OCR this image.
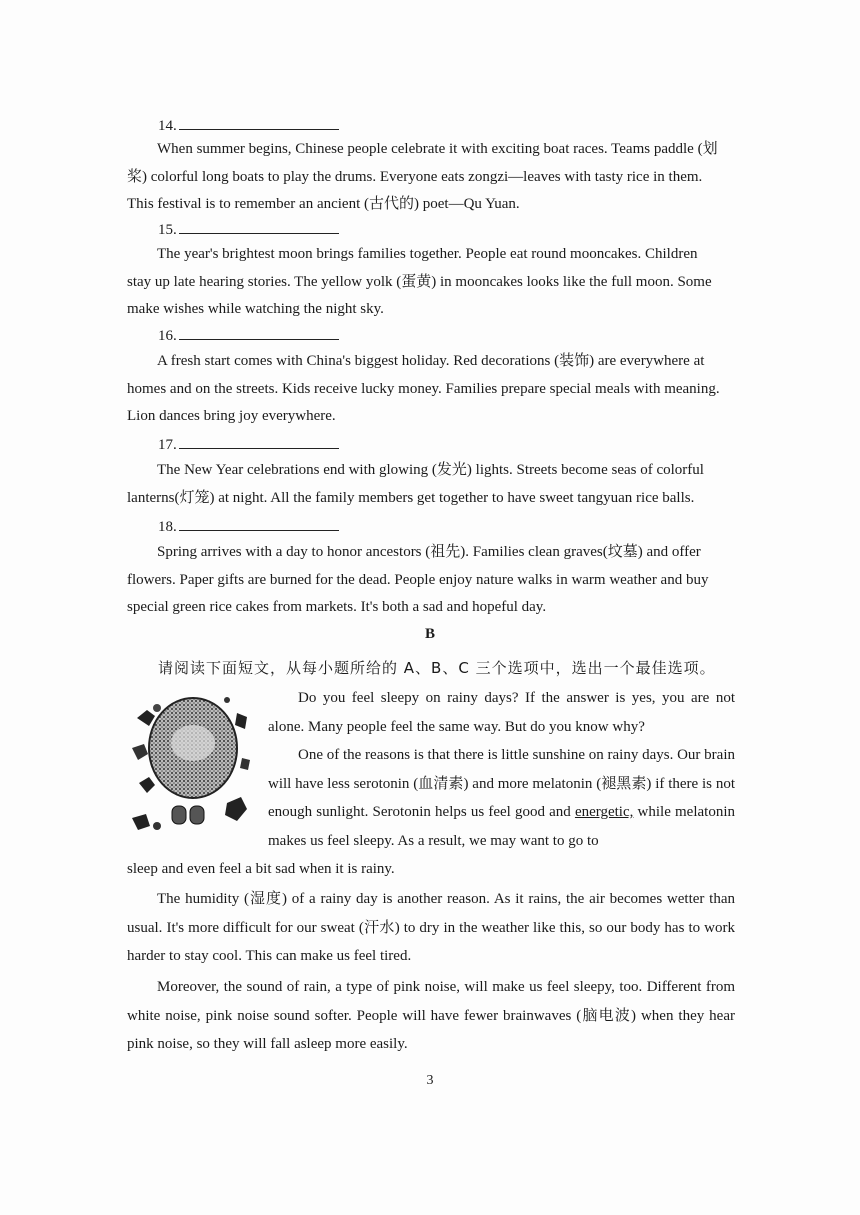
14.

When summer begins, Chinese people celebrate it with exciting boat races. Teams paddle (划
桨) colorful long boats to play the drums. Everyone eats zongzi—leaves with tasty rice in them.
This festival is to remember an ancient (古代的) poet—Qu Yuan.

15.

The year's brightest moon brings families together. People eat round mooncakes. Children
stay up late hearing stories. The yellow yolk (蛋黄) in mooncakes looks like the full moon. Some
make wishes while watching the night sky.

16.

A fresh start comes with China's biggest holiday. Red decorations (装饰) are everywhere at
homes and on the streets. Kids receive lucky money. Families prepare special meals with meaning.
Lion dances bring joy everywhere.

17.

The New Year celebrations end with glowing (发光) lights. Streets become seas of colorful
lanterns(灯笼) at night. All the family members get together to have sweet tangyuan rice balls.

18.

Spring arrives with a day to honor ancestors (祖先). Families clean graves(坟墓) and offer
flowers. Paper gifts are burned for the dead. People enjoy nature walks in warm weather and buy
special green rice cakes from markets. It's both a sad and hopeful day.

B
请阅读下面短文，从每小题所给的 A、B、C 三个选项中，选出一个最佳选项。

Do you feel sleepy on rainy days? If the answer is yes, you are not alone. Many people feel the same way. But do you know why?

One of the reasons is that there is little sunshine on rainy days. Our brain will have less serotonin (血清素) and more melatonin (褪黑素) if there is not enough sunlight. Serotonin helps us feel good and energetic, while melatonin makes us feel sleepy. As a result, we may want to go to

sleep and even feel a bit sad when it is rainy.

The humidity (湿度) of a rainy day is another reason. As it rains, the air becomes wetter than usual. It's more difficult for our sweat (汗水) to dry in the weather like this, so our body has to work harder to stay cool. This can make us feel tired.

Moreover, the sound of rain, a type of pink noise, will make us feel sleepy, too. Different from white noise, pink noise sound softer. People will have fewer brainwaves (脑电波) when they hear pink noise, so they will fall asleep more easily.

3
